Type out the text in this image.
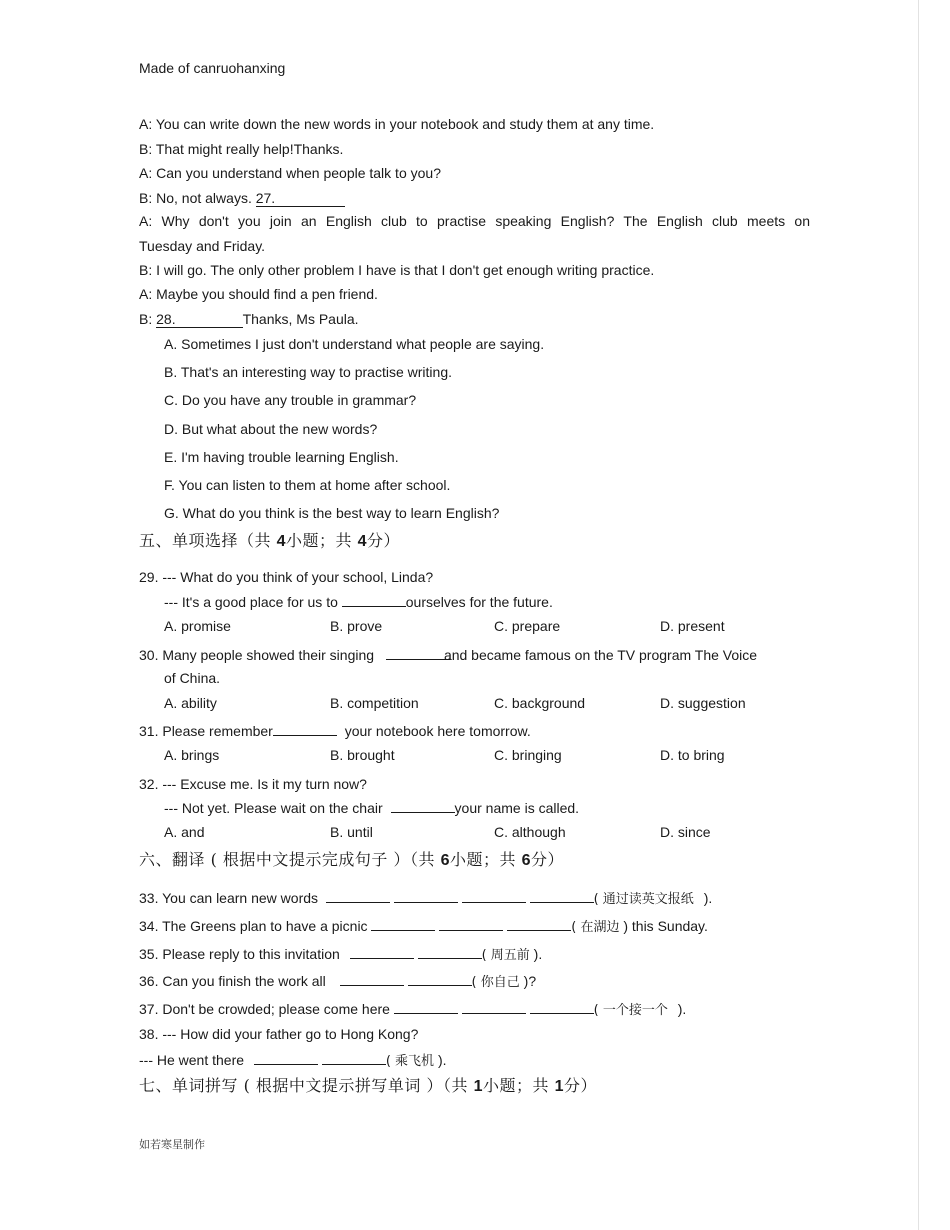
Made of canruohanxing
A: You can write down the new words in your notebook and study them at any time.
B: That might really help!Thanks.
A: Can you understand when people talk to you?
B: No, not always. 27.
A: Why don't you join an English club to practise speaking English? The English club meets on
Tuesday and Friday.
B: I will go. The only other problem I have is that I don't get enough writing practice.
A: Maybe you should find a pen friend.
B: 28.	Thanks, Ms Paula.
A. Sometimes I just don't understand what people are saying.
B. That's an interesting way to practise writing.
C. Do you have any trouble in grammar?
D. But what about the new words?
E. I'm having trouble learning English.
F. You can listen to them at home after school.
G. What do you think is the best way to learn English?
五、单项选择（共 4小题；共 4分）
29. --- What do you think of your school, Linda?
--- It's a good place for us to	ourselves for the future.
A. promise	B. prove	C. prepare	D. present
30. Many people showed their singing	and became famous on the TV program The Voice
of China.
A. ability	B. competition	C. background	D. suggestion
31. Please remember	your notebook here tomorrow.
A. brings	B. brought	C. bringing	D. to bring
32. --- Excuse me. Is it my turn now?
--- Not yet. Please wait on the chair	your name is called.
A. and	B. until	C. although	D. since
六、翻译 ( 根据中文提示完成句子 ）（共 6小题；共 6分）
33. You can learn new words	( 通过读英文报纸 ).
34. The Greens plan to have a picnic	( 在湖边 ) this Sunday.
35. Please reply to this invitation	( 周五前 ).
36. Can you finish the work all	( 你自己 )?
37. Don't be crowded; please come here	( 一个接一个 ).
38. --- How did your father go to Hong Kong?
--- He went there	( 乘飞机 ).
七、单词拼写 ( 根据中文提示拼写单词 ）（共 1小题；共 1分）
如若寒星制作
